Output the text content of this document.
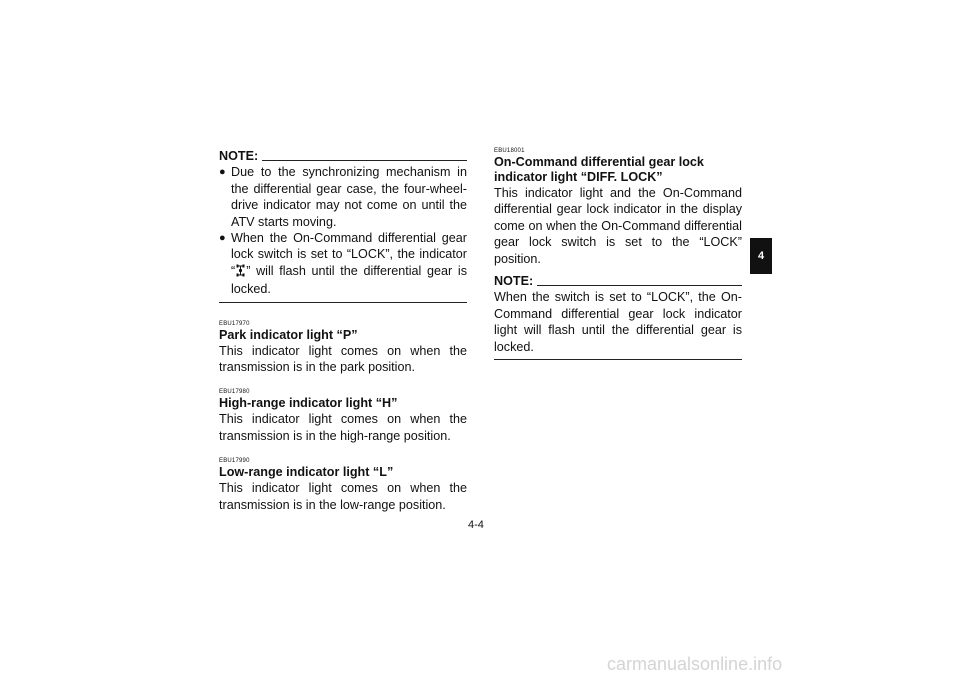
NOTE:
● Due to the synchronizing mechanism in the differential gear case, the four-wheel-drive indicator may not come on until the ATV starts moving.
● When the On-Command differential gear lock switch is set to “LOCK”, the indicator “ ” will flash until the differential gear is locked.
EBU17970
Park indicator light “P”
This indicator light comes on when the transmission is in the park position.
EBU17980
High-range indicator light “H”
This indicator light comes on when the transmission is in the high-range position.
EBU17990
Low-range indicator light “L”
This indicator light comes on when the transmission is in the low-range position.
EBU18001
On-Command differential gear lock indicator light “DIFF. LOCK”
This indicator light and the On-Command differential gear lock indicator in the display come on when the On-Command differential gear lock switch is set to the “LOCK” position.
NOTE:
When the switch is set to “LOCK”, the On-Command differential gear lock indicator light will flash until the differential gear is locked.
4
4-4
carmanualsonline.info
